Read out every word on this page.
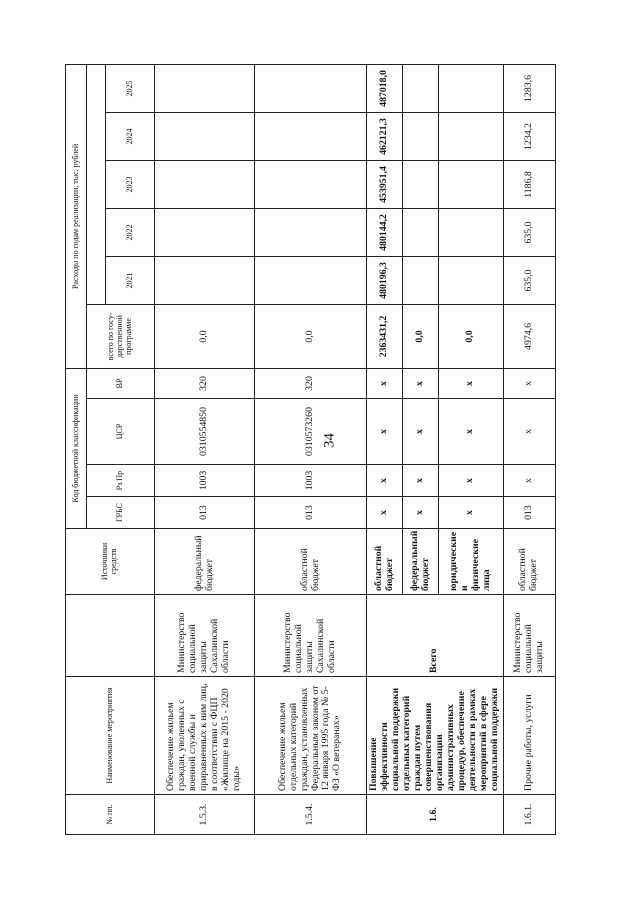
34
№ пп.	Наименование мероприятия		Источники средств	Код бюджетной классификации				Расходы по годам реализации, тыс. рублей					
				ГРБС	Рз Пр	ЦСР	ВР	всего по госу-дарственной программе					
									2021	2022	2023	2024	2025
1.5.3.	Обеспечение жильем граждан, уволенных с военной службы и приравненных к ним лиц, в соответствии с ФЦП «Жилище на 2015 - 2020 годы»	Министерство социальной защиты Сахалинской области	федеральный бюджет	013	1003	0310554850	320	0,0					
1.5.4.	Обеспечение жильем отдельных категорий граждан, установленных Федеральным законом от 12 января 1995 года № 5-ФЗ «О ветеранах»	Министерство социальной защиты Сахалинской области	областной бюджет	013	1003	0310573260	320	0,0					
1.6.	Повышение эффективности социальной поддержки отдельных категорий граждан путем совершенствования организации административных процедур, обеспечение деятельности в рамках мероприятий в сфере социальной поддержки	Всего	областной бюджет	х	х	х	х	2363431,2	480196,3	480144,2	453951,4	462121,3	487018,0
			федеральный бюджет	х	х	х	х	0,0					
			юридические и физические лица	х	х	х	х	0,0					
1.6.1.	Прочие работы, услуги	Министерство социальной защиты	областной бюджет	013	х	х	х	4974,6	635,0	635,0	1186,8	1234,2	1283,6
